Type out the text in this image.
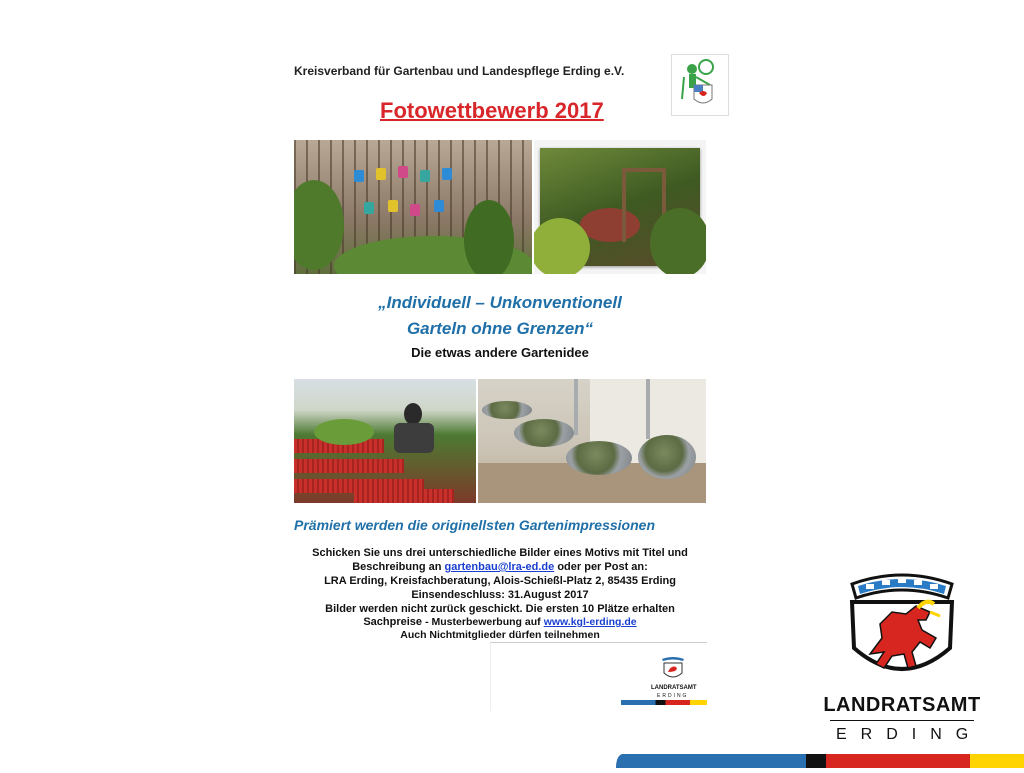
Kreisverband für Gartenbau und Landespflege Erding e.V.
Fotowettbewerb 2017
„Individuell – Unkonventionell
Garteln ohne Grenzen“
Die etwas andere Gartenidee
Prämiert werden die originellsten Gartenimpressionen
Schicken Sie uns drei unterschiedliche Bilder eines Motivs mit Titel und
Beschreibung an gartenbau@lra-ed.de oder per Post an:
LRA Erding, Kreisfachberatung, Alois-Schießl-Platz 2, 85435 Erding
Einsendeschluss: 31.August 2017
Bilder werden nicht zurück geschickt. Die ersten 10 Plätze erhalten
Sachpreise - Musterbewerbung auf www.kgl-erding.de
Auch Nichtmitglieder dürfen teilnehmen
LANDRATSAMT
ERDING	LANDRATSAMT
ERDING
